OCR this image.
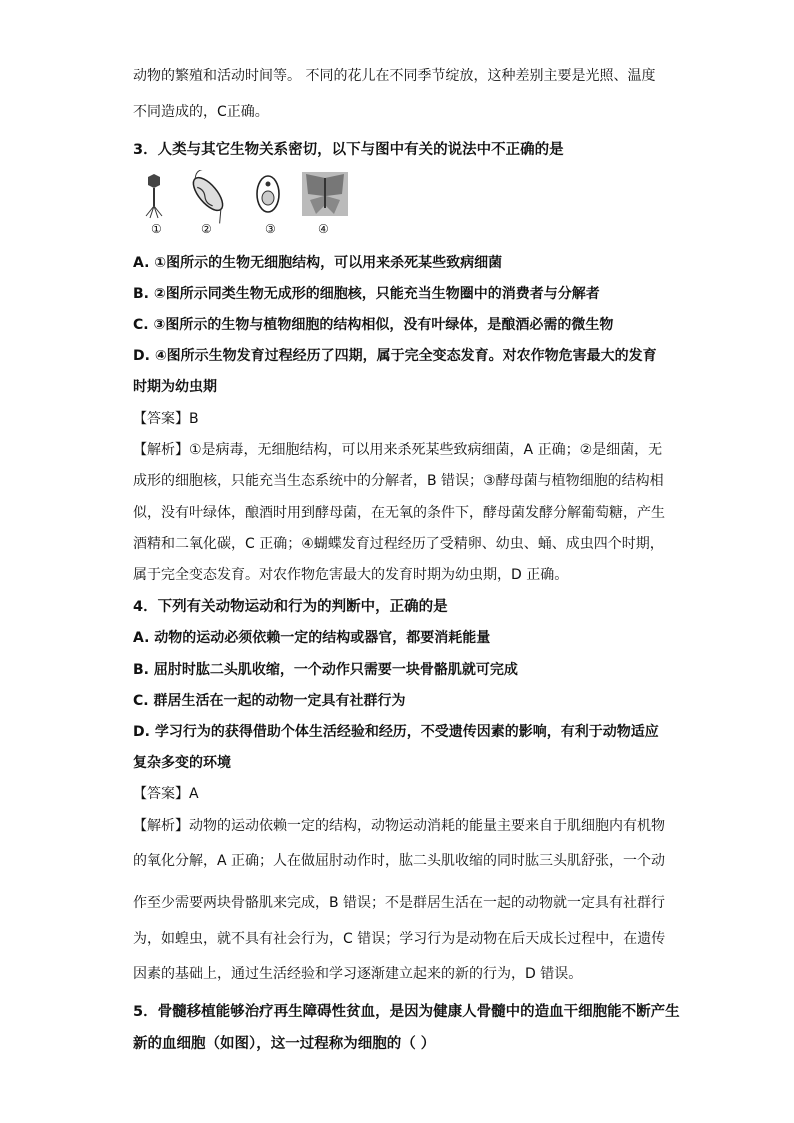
动物的繁殖和活动时间等。 不同的花儿在不同季节绽放，这种差别主要是光照、温度
不同造成的，C正确。
3．人类与其它生物关系密切，以下与图中有关的说法中不正确的是
①	②	③	④
A. ①图所示的生物无细胞结构，可以用来杀死某些致病细菌
B. ②图所示同类生物无成形的细胞核，只能充当生物圈中的消费者与分解者
C. ③图所示的生物与植物细胞的结构相似，没有叶绿体，是酿酒必需的微生物
D. ④图所示生物发育过程经历了四期，属于完全变态发育。对农作物危害最大的发育
时期为幼虫期
【答案】B
【解析】①是病毒，无细胞结构，可以用来杀死某些致病细菌，A 正确；②是细菌，无
成形的细胞核，只能充当生态系统中的分解者，B 错误；③酵母菌与植物细胞的结构相
似，没有叶绿体，酿酒时用到酵母菌，在无氧的条件下，酵母菌发酵分解葡萄糖，产生
酒精和二氧化碳，C 正确；④蝴蝶发育过程经历了受精卵、幼虫、蛹、成虫四个时期，
属于完全变态发育。对农作物危害最大的发育时期为幼虫期，D 正确。
4．下列有关动物运动和行为的判断中，正确的是
A. 动物的运动必须依赖一定的结构或器官，都要消耗能量
B. 屈肘时肱二头肌收缩，一个动作只需要一块骨骼肌就可完成
C. 群居生活在一起的动物一定具有社群行为
D. 学习行为的获得借助个体生活经验和经历，不受遗传因素的影响，有利于动物适应
复杂多变的环境
【答案】A
【解析】动物的运动依赖一定的结构，动物运动消耗的能量主要来自于肌细胞内有机物
的氧化分解，A 正确；人在做屈肘动作时，肱二头肌收缩的同时肱三头肌舒张，一个动
作至少需要两块骨骼肌来完成，B 错误；不是群居生活在一起的动物就一定具有社群行
为，如蝗虫，就不具有社会行为，C 错误；学习行为是动物在后天成长过程中，在遗传
因素的基础上，通过生活经验和学习逐渐建立起来的新的行为，D 错误。
5．骨髓移植能够治疗再生障碍性贫血，是因为健康人骨髓中的造血干细胞能不断产生
新的血细胞（如图），这一过程称为细胞的（ ）
